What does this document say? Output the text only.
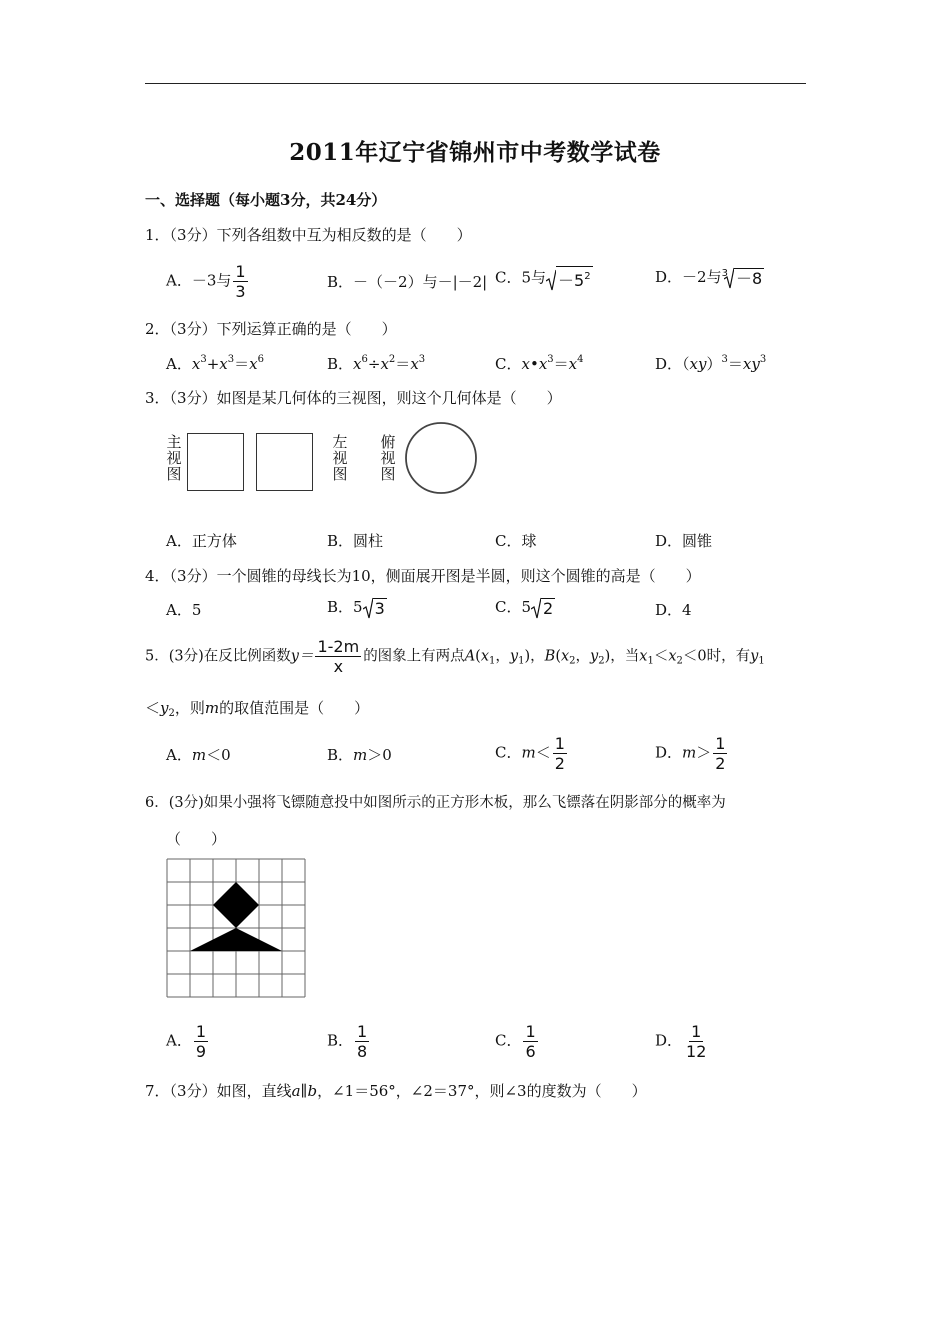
2011年辽宁省锦州市中考数学试卷
一、选择题（每小题3分，共24分）
1．（3分）下列各组数中互为相反数的是（　　）
A．－3与 $\frac{1}{3}$	B．－（－2）与－|－2| C．5与 $-5^2$	D．－2与 3 －8
2．（3分）下列运算正确的是（　　）
A．$x^3+x^3=x^6$	B．$x^6\div x^2=x^3$	C．$x•x^3=x^4$	D．$(xy)^3=xy^3$
3．（3分）如图是某几何体的三视图，则这个几何体是（　　）
主
视
图
左
视
图
俯
视
图
A．正方体	B．圆柱	C．球	D．圆锥
4．（3分）一个圆锥的母线长为10，侧面展开图是半圆，则这个圆锥的高是（　　）
A．5	B．5 3	C．5 2	D．4
5．(3分)在反比例函数$y= \frac{1-2m}{x}$ 的图象上有两点$A(x_1$，$y_1$)，$B(x_2$，$y_2$)，当$x_1<x_2<0$时，有$y_1$
$<y_2$，则m的取值范围是（　　）
A．m＜0	B．m＞0	C．$m< \frac{1}{2}$	D．$m> \frac{1}{2}$
6．(3分)如果小强将飞镖随意投中如图所示的正方形木板，那么飞镖落在阴影部分的概率为
（　　）
A． $\frac{1}{9}$	B． $\frac{1}{8}$	C． $\frac{1}{6}$	D． $\frac{1}{12}$
7．（3分）如图，直线a∥b，∠1＝56°，∠2＝37°，则∠3的度数为（　　）
